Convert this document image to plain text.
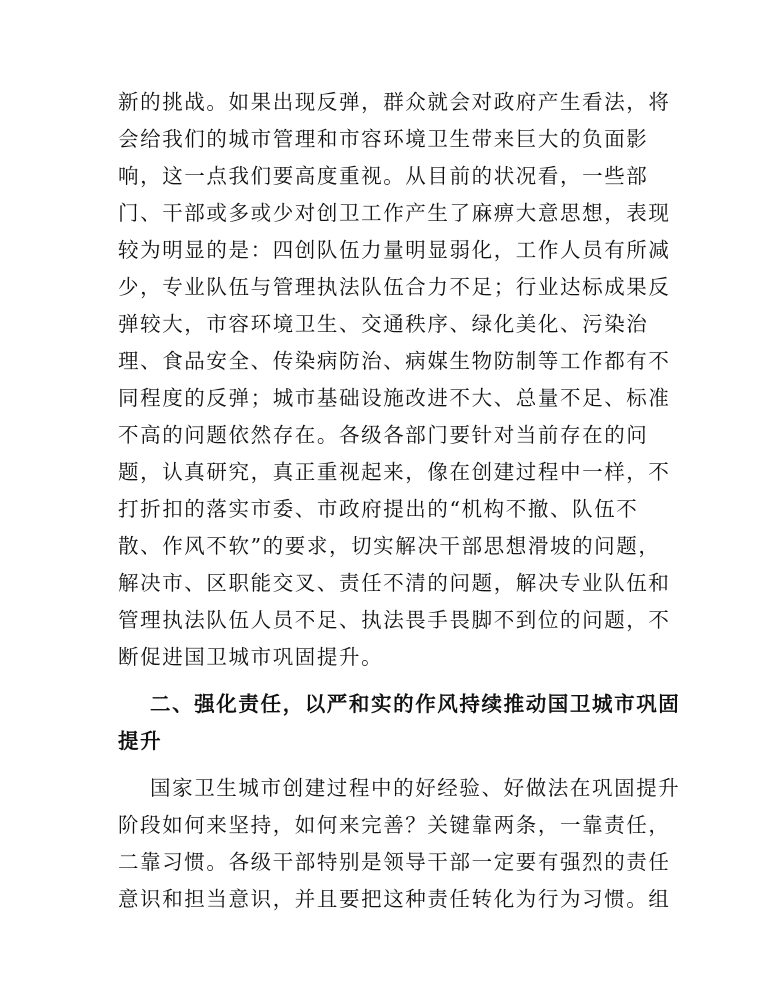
新的挑战。如果出现反弹，群众就会对政府产生看法，将
会给我们的城市管理和市容环境卫生带来巨大的负面影
响，这一点我们要高度重视。从目前的状况看，一些部
门、干部或多或少对创卫工作产生了麻痹大意思想，表现
较为明显的是：四创队伍力量明显弱化，工作人员有所减
少，专业队伍与管理执法队伍合力不足；行业达标成果反
弹较大，市容环境卫生、交通秩序、绿化美化、污染治
理、食品安全、传染病防治、病媒生物防制等工作都有不
同程度的反弹；城市基础设施改进不大、总量不足、标准
不高的问题依然存在。各级各部门要针对当前存在的问
题，认真研究，真正重视起来，像在创建过程中一样，不
打折扣的落实市委、市政府提出的“机构不撤、队伍不
散、作风不软”的要求，切实解决干部思想滑坡的问题，
解决市、区职能交叉、责任不清的问题，解决专业队伍和
管理执法队伍人员不足、执法畏手畏脚不到位的问题，不
断促进国卫城市巩固提升。
二、强化责任，以严和实的作风持续推动国卫城市巩固
提升
国家卫生城市创建过程中的好经验、好做法在巩固提升
阶段如何来坚持，如何来完善？关键靠两条，一靠责任，
二靠习惯。各级干部特别是领导干部一定要有强烈的责任
意识和担当意识，并且要把这种责任转化为行为习惯。组
